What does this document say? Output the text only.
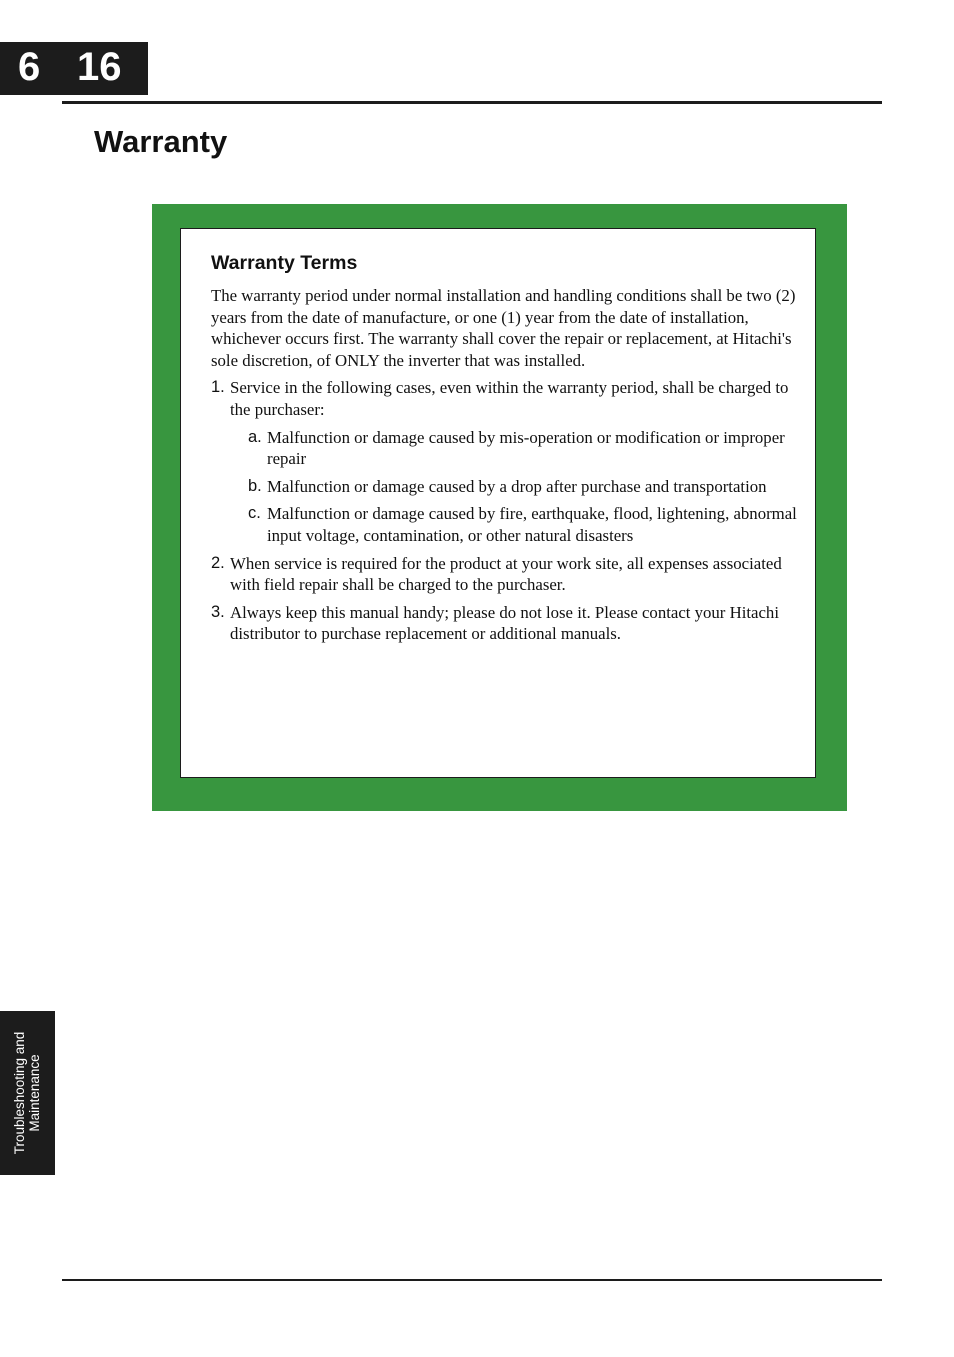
6 16
Warranty
Warranty Terms

The warranty period under normal installation and handling conditions shall be two (2) years from the date of manufacture, or one (1) year from the date of installation, whichever occurs first. The warranty shall cover the repair or replacement, at Hitachi's sole discretion, of ONLY the inverter that was installed.

1. Service in the following cases, even within the warranty period, shall be charged to the purchaser:
a. Malfunction or damage caused by mis-operation or modification or improper repair
b. Malfunction or damage caused by a drop after purchase and transportation
c. Malfunction or damage caused by fire, earthquake, flood, lightening, abnormal input voltage, contamination, or other natural disasters
2. When service is required for the product at your work site, all expenses associated with field repair shall be charged to the purchaser.
3. Always keep this manual handy; please do not lose it. Please contact your Hitachi distributor to purchase replacement or additional manuals.
Troubleshooting and Maintenance
